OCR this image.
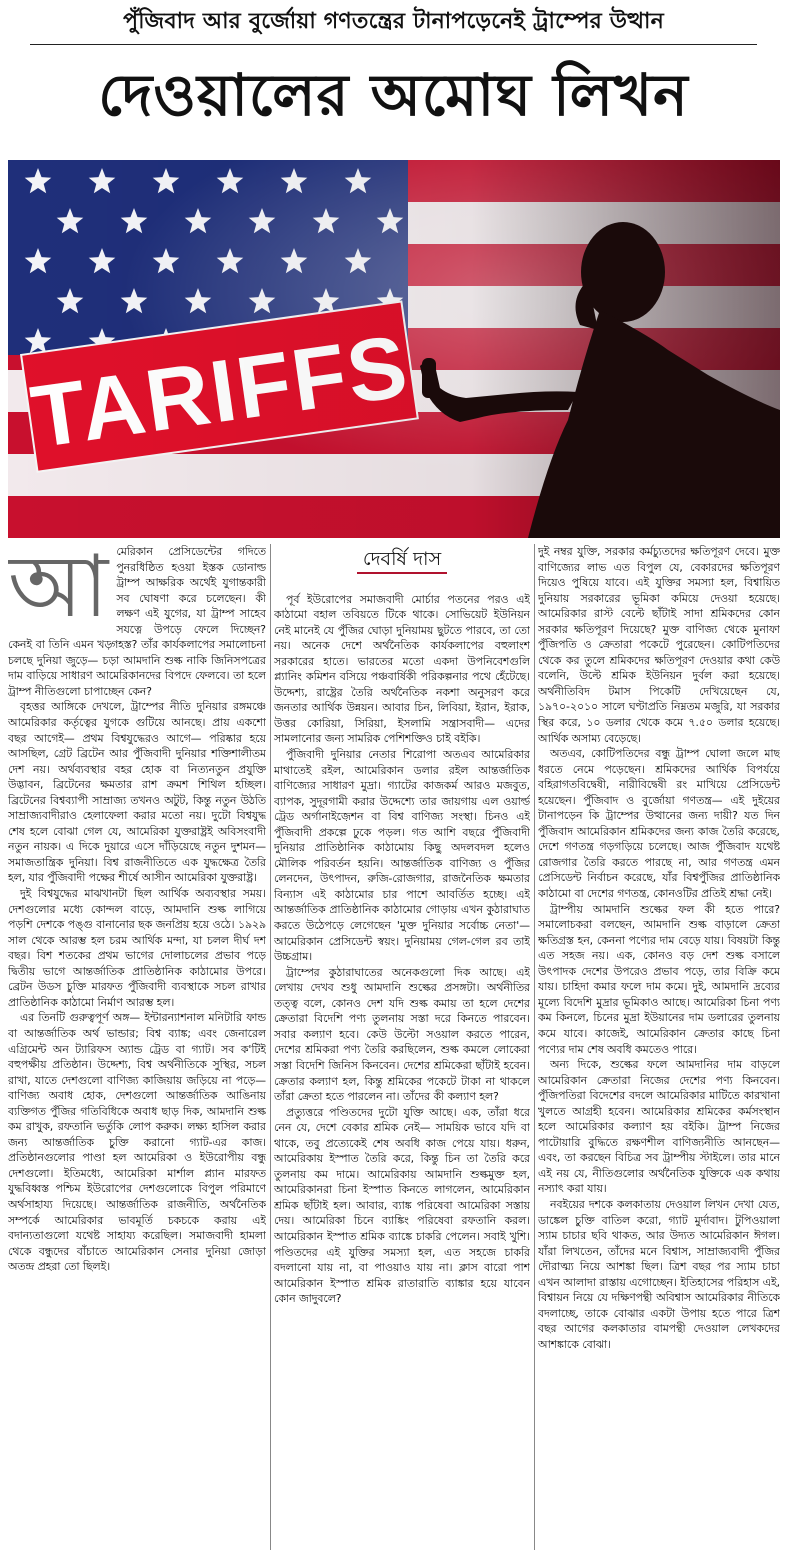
পুঁজিবাদ আর বুর্জোয়া গণতন্ত্রের টানাপড়েনেই ট্রাম্পের উত্থান
দেওয়ালের অমোঘ লিখন

আমেরিকান প্রেসিডেন্টের গদিতে পুনরধিষ্ঠিত হওয়া ইস্তক ডোনাল্ড ট্রাম্প আক্ষরিক অর্থেই যুগান্তকারী সব ঘোষণা করে চলেছেন। কী লক্ষণ এই যুগের, যা ট্রাম্প সাহেব সযত্নে উপড়ে ফেলে দিচ্ছেন? কেনই বা তিনি এমন খড়্গহস্ত? তাঁর কার্যকলাপের সমালোচনা চলছে দুনিয়া জুড়ে— চড়া আমদানি শুল্ক নাকি জিনিসপত্রের দাম বাড়িয়ে সাধারণ আমেরিকানদের বিপদে ফেলবে। তা হলে ট্রাম্প নীতিগুলো চাপাচ্ছেন কেন?

বৃহত্তর আঙ্গিকে দেখলে, ট্রাম্পের নীতি দুনিয়ার রঙ্গমঞ্চে আমেরিকার কর্তৃত্বের যুগকে গুটিয়ে আনছে। প্রায় একশো বছর আগেই— প্রথম বিশ্বযুদ্ধেরও আগে— পরিষ্কার হয়ে আসছিল, গ্রেট ব্রিটেন আর পুঁজিবাদী দুনিয়ার শক্তিশালীতম দেশ নয়। অর্থব্যবস্থার বহর হোক বা নিত্যনতুন প্রযুক্তি উদ্ভাবন, ব্রিটেনের ক্ষমতার রাশ ক্রমশ শিথিল হচ্ছিল। ব্রিটেনের বিশ্বব্যাপী সাম্রাজ্য তখনও অটুট, কিন্তু নতুন উঠতি সাম্রাজ্যবাদীরাও হেলাফেলা করার মতো নয়। দুটো বিশ্বযুদ্ধ শেষ হলে বোঝা গেল যে, আমেরিকা যুক্তরাষ্ট্রই অবিসংবাদী নতুন নায়ক। এ দিকে দুয়ারে এসে দাঁড়িয়েছে নতুন দুশমন— সমাজতান্ত্রিক দুনিয়া। বিশ্ব রাজনীতিতে এক যুদ্ধক্ষেত্র তৈরি হল, যার পুঁজিবাদী পক্ষের শীর্ষে আসীন আমেরিকা যুক্তরাষ্ট্র।

দুই বিশ্বযুদ্ধের মাঝখানটা ছিল আর্থিক অব্যবস্থার সময়। দেশগুলোর মধ্যে কোন্দল বাড়ে, আমদানি শুল্ক লাগিয়ে পড়শি দেশকে পঙ্গু বানানোর ছক জনপ্রিয় হয়ে ওঠে। ১৯২৯ সাল থেকে আরম্ভ হল চরম আর্থিক মন্দা, যা চলল দীর্ঘ দশ বছর। বিশ শতকের প্রথম ভাগের দোলাচলের প্রভাব পড়ে দ্বিতীয় ভাগে আন্তর্জাতিক প্রাতিষ্ঠানিক কাঠামোর উপরে। ব্রেটন উডস চুক্তি মারফত পুঁজিবাদী ব্যবস্থাকে সচল রাখার প্রাতিষ্ঠানিক কাঠামো নির্মাণ আরম্ভ হল।

এর তিনটি গুরুত্বপূর্ণ অঙ্গ— ইন্টারন্যাশনাল মনিটারি ফান্ড বা আন্তর্জাতিক অর্থ ভান্ডার; বিশ্ব ব্যাঙ্ক; এবং জেনারেল এগ্রিমেন্ট অন ট্যারিফস অ্যান্ড ট্রেড বা গ্যাট। সব ক'টিই বহুপক্ষীয় প্রতিষ্ঠান। উদ্দেশ্য, বিশ্ব অর্থনীতিকে সুস্থির, সচল রাখা, যাতে দেশগুলো বাণিজ্য কাজিয়ায় জড়িয়ে না পড়ে— বাণিজ্য অবাধ হোক, দেশগুলো আন্তর্জাতিক আঙিনায় ব্যক্তিগত পুঁজির গতিবিধিকে অবাধ ছাড় দিক, আমদানি শুল্ক কম রাখুক, রফতানি ভর্তুকি লোপ করুক। লক্ষ্য হাসিল করার জন্য আন্তর্জাতিক চুক্তি করানো গ্যাট-এর কাজ। প্রতিষ্ঠানগুলোর পাণ্ডা হল আমেরিকা ও ইউরোপীয় বন্ধু দেশগুলো। ইতিমধ্যে, আমেরিকা মার্শাল প্ল্যান মারফত যুদ্ধবিধ্বস্ত পশ্চিম ইউরোপের দেশগুলোকে বিপুল পরিমাণে অর্থসাহায্য দিয়েছে। আন্তর্জাতিক রাজনীতি, অর্থনৈতিক সম্পর্কে আমেরিকার ভাবমূর্তি চকচকে করায় এই বদান্যতাগুলো যথেষ্ট সাহায্য করেছিল। সমাজবাদী হামলা থেকে বন্ধুদের বাঁচাতে আমেরিকান সেনার দুনিয়া জোড়া অতন্দ্র প্রহরা তো ছিলই।

দেবর্ষি দাস

পূর্ব ইউরোপের সমাজবাদী মোর্চার পতনের পরও এই কাঠামো বহাল তবিয়তে টিকে থাকে। সোভিয়েট ইউনিয়ন নেই মানেই যে পুঁজির ঘোড়া দুনিয়াময় ছুটতে পারবে, তা তো নয়। অনেক দেশে অর্থনৈতিক কার্যকলাপের বহুলাংশ সরকারের হাতে। ভারতের মতো একদা উপনিবেশগুলি প্ল্যানিং কমিশন বসিয়ে পঞ্চবার্ষিকী পরিকল্পনার পথে হেঁটেছে। উদ্দেশ্য, রাষ্ট্রের তৈরি অর্থনৈতিক নকশা অনুসরণ করে জনতার আর্থিক উন্নয়ন। আবার চিন, লিবিয়া, ইরান, ইরাক, উত্তর কোরিয়া, সিরিয়া, ইসলামি সন্ত্রাসবাদী— এদের সামলানোর জন্য সামরিক পেশিশক্তিও চাই বইকি।

পুঁজিবাদী দুনিয়ার নেতার শিরোপা অতএব আমেরিকার মাথাতেই রইল, আমেরিকান ডলার রইল আন্তর্জাতিক বাণিজ্যের সাধারণ মুদ্রা। গ্যাটের কাজকর্ম আরও মজবুত, ব্যাপক, সুদূরগামী করার উদ্দেশ্যে তার জায়গায় এল ওয়ার্ল্ড ট্রেড অর্গানাইজ়েশন বা বিশ্ব বাণিজ্য সংস্থা। চিনও এই পুঁজিবাদী প্রকল্পে ঢুকে পড়ল। গত আশি বছরে পুঁজিবাদী দুনিয়ার প্রাতিষ্ঠানিক কাঠামোয় কিছু অদলবদল হলেও মৌলিক পরিবর্তন হয়নি। আন্তর্জাতিক বাণিজ্য ও পুঁজির লেনদেন, উৎপাদন, রুজি-রোজগার, রাজনৈতিক ক্ষমতার বিন্যাস এই কাঠামোর চার পাশে আবর্তিত হচ্ছে। এই আন্তর্জাতিক প্রাতিষ্ঠানিক কাঠামোর গোড়ায় এখন কুঠারাঘাত করতে উঠেপড়ে লেগেছেন 'মুক্ত দুনিয়ার সর্বোচ্চ নেতা'— আমেরিকান প্রেসিডেন্ট স্বয়ং। দুনিয়াময় গেল-গেল রব তাই উচ্চগ্রাম।

ট্রাম্পের কুঠারাঘাতের অনেকগুলো দিক আছে। এই লেখায় দেখব শুধু আমদানি শুল্কের প্রসঙ্গটা। অর্থনীতির তত্ত্ব বলে, কোনও দেশ যদি শুল্ক কমায় তা হলে দেশের ক্রেতারা বিদেশি পণ্য তুলনায় সস্তা দরে কিনতে পারবেন। সবার কল্যাণ হবে। কেউ উল্টো সওয়াল করতে পারেন, দেশের শ্রমিকরা পণ্য তৈরি করছিলেন, শুল্ক কমলে লোকেরা সস্তা বিদেশি জিনিস কিনবেন। দেশের শ্রমিকেরা ছাঁটাই হবেন। ক্রেতার কল্যাণ হল, কিন্তু শ্রমিকের পকেটে টাকা না থাকলে তাঁরা ক্রেতা হতে পারলেন না। তাঁদের কী কল্যাণ হল?

প্রত্যুত্তরে পণ্ডিতদের দুটো যুক্তি আছে। এক, তাঁরা ধরে নেন যে, দেশে বেকার শ্রমিক নেই— সাময়িক ভাবে যদি বা থাকে, তবু প্রত্যেকেই শেষ অবধি কাজ পেয়ে যায়। ধরুন, আমেরিকায় ইস্পাত তৈরি করে, কিন্তু চিন তা তৈরি করে তুলনায় কম দামে। আমেরিকায় আমদানি শুল্কমুক্ত হল, আমেরিকানরা চিনা ইস্পাত কিনতে লাগলেন, আমেরিকান শ্রমিক ছাঁটাই হল। আবার, ব্যাঙ্ক পরিষেবা আমেরিকা সস্তায় দেয়। আমেরিকা চিনে ব্যাঙ্কিং পরিষেবা রফতানি করল। আমেরিকান ইস্পাত শ্রমিক ব্যাঙ্কে চাকরি পেলেন। সবাই খুশি। পণ্ডিতদের এই যুক্তির সমস্যা হল, এত সহজে চাকরি বদলানো যায় না, বা পাওয়াও যায় না। ক্লাস বারো পাশ আমেরিকান ইস্পাত শ্রমিক রাতারাতি ব্যাঙ্কার হয়ে যাবেন কোন জাদুবলে?

দুই নম্বর যুক্তি, সরকার কর্মচ্যুতদের ক্ষতিপূরণ দেবে। মুক্ত বাণিজ্যের লাভ এত বিপুল যে, বেকারদের ক্ষতিপূরণ দিয়েও পুষিয়ে যাবে। এই যুক্তির সমস্যা হল, বিশ্বায়িত দুনিয়ায় সরকারের ভূমিকা কমিয়ে দেওয়া হয়েছে। আমেরিকার রাস্ট বেল্টে ছাঁটাই সাদা শ্রমিকদের কোন সরকার ক্ষতিপূরণ দিয়েছে? মুক্ত বাণিজ্য থেকে মুনাফা পুঁজিপতি ও ক্রেতারা পকেটে পুরেছেন। কোটিপতিদের থেকে কর তুলে শ্রমিকদের ক্ষতিপূরণ দেওয়ার কথা কেউ বলেনি, উল্টে শ্রমিক ইউনিয়ন দুর্বল করা হয়েছে। অর্থনীতিবিদ টমাস পিকেটি দেখিয়েছেন যে, ১৯৭০-২০১০ সালে ঘণ্টাপ্রতি নিম্নতম মজুরি, যা সরকার স্থির করে, ১০ ডলার থেকে কমে ৭.৫০ ডলার হয়েছে। আর্থিক অসাম্য বেড়েছে।

অতএব, কোটিপতিদের বন্ধু ট্রাম্প ঘোলা জলে মাছ ধরতে নেমে পড়েছেন। শ্রমিকদের আর্থিক বিপর্যয়ে বহিরাগতবিদ্বেষী, নারীবিদ্বেষী রং মাখিয়ে প্রেসিডেন্ট হয়েছেন। পুঁজিবাদ ও বুর্জোয়া গণতন্ত্র— এই দুইয়ের টানাপড়েন কি ট্রাম্পের উত্থানের জন্য দায়ী? যত দিন পুঁজিবাদ আমেরিকান শ্রমিকদের জন্য কাজ তৈরি করেছে, দেশে গণতন্ত্র গড়গড়িয়ে চলেছে। আজ পুঁজিবাদ যথেষ্ট রোজগার তৈরি করতে পারছে না, আর গণতন্ত্র এমন প্রেসিডেন্ট নির্বাচন করেছে, যাঁর বিশ্বপুঁজির প্রাতিষ্ঠানিক কাঠামো বা দেশের গণতন্ত্র, কোনওটির প্রতিই শ্রদ্ধা নেই।

ট্রাম্পীয় আমদানি শুল্কের ফল কী হতে পারে? সমালোচকরা বলছেন, আমদানি শুল্ক বাড়ালে ক্রেতা ক্ষতিগ্রস্ত হন, কেননা পণ্যের দাম বেড়ে যায়। বিষয়টা কিন্তু এত সহজ নয়। এক, কোনও বড় দেশ শুল্ক বসালে উৎপাদক দেশের উপরেও প্রভাব পড়ে, তার বিক্রি কমে যায়। চাহিদা কমার ফলে দাম কমে। দুই, আমদানি দ্রব্যের মূল্যে বিদেশি মুদ্রার ভূমিকাও আছে। আমেরিকা চিনা পণ্য কম কিনলে, চিনের মুদ্রা ইউয়ানের দাম ডলারের তুলনায় কমে যাবে। কাজেই, আমেরিকান ক্রেতার কাছে চিনা পণ্যের দাম শেষ অবধি কমতেও পারে।

অন্য দিকে, শুল্কের ফলে আমদানির দাম বাড়লে আমেরিকান ক্রেতারা নিজের দেশের পণ্য কিনবেন। পুঁজিপতিরা বিদেশের বদলে আমেরিকার মাটিতে কারখানা খুলতে আগ্রহী হবেন। আমেরিকার শ্রমিকের কর্মসংস্থান হলে আমেরিকার কল্যাণ হয় বইকি। ট্রাম্প নিজের পাটোয়ারি বুদ্ধিতে রক্ষণশীল বাণিজ্যনীতি আনছেন— এবং, তা করছেন বিচিত্র সব ট্রাম্পীয় স্টাইলে। তার মানে এই নয় যে, নীতিগুলোর অর্থনৈতিক যুক্তিকে এক কথায় নস্যাৎ করা যায়।

নবইয়ের দশকে কলকাতায় দেওয়াল লিখন দেখা যেত, ডাঙ্কেল চুক্তি বাতিল করো, গ্যাট মুর্দাবাদ। টুপিওয়ালা স্যাম চাচার ছবি থাকত, আর উদ্যত আমেরিকান ঈগল। যাঁরা লিখতেন, তাঁদের মনে বিশ্বাস, সাম্রাজ্যবাদী পুঁজির দৌরাত্ম্য নিয়ে আশঙ্কা ছিল। ত্রিশ বছর পর স্যাম চাচা এখন আলাদা রাস্তায় এগোচ্ছেন। ইতিহাসের পরিহাস এই, বিশ্বায়ন নিয়ে যে দক্ষিণপন্থী অবিশ্বাস আমেরিকার নীতিকে বদলাচ্ছে, তাকে বোঝার একটা উপায় হতে পারে ত্রিশ বছর আগের কলকাতার বামপন্থী দেওয়াল লেখকদের আশঙ্কাকে বোঝা।
